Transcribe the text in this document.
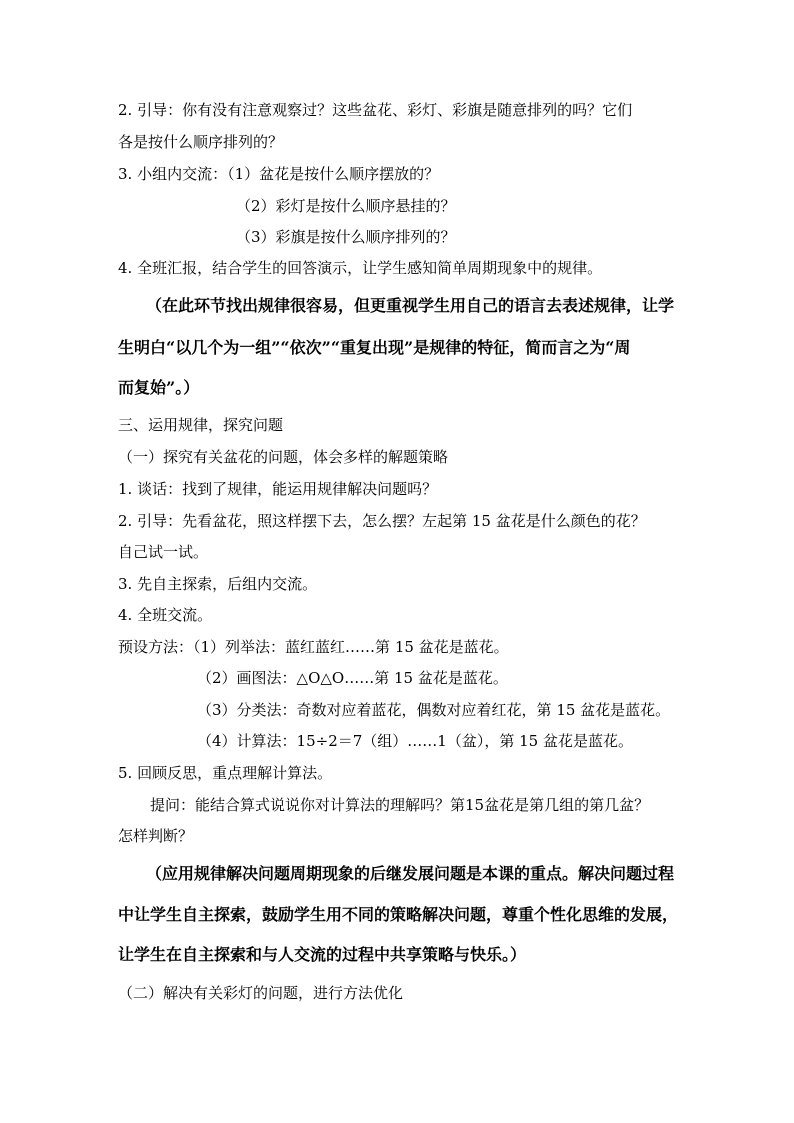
2. 引导：你有没有注意观察过？这些盆花、彩灯、彩旗是随意排列的吗？它们
各是按什么顺序排列的？
3. 小组内交流：（1）盆花是按什么顺序摆放的？
（2）彩灯是按什么顺序悬挂的？
（3）彩旗是按什么顺序排列的？
4. 全班汇报，结合学生的回答演示，让学生感知简单周期现象中的规律。
（在此环节找出规律很容易，但更重视学生用自己的语言去表述规律，让学
生明白“以几个为一组”“依次”“重复出现”是规律的特征，简而言之为“周
而复始”。）
三、运用规律，探究问题
（一）探究有关盆花的问题，体会多样的解题策略
1. 谈话：找到了规律，能运用规律解决问题吗？
2. 引导：先看盆花，照这样摆下去，怎么摆？左起第 15 盆花是什么颜色的花？
自己试一试。
3. 先自主探索，后组内交流。
4. 全班交流。
预设方法：（1）列举法：蓝红蓝红……第 15 盆花是蓝花。
（2）画图法：△O△O……第 15 盆花是蓝花。
（3）分类法：奇数对应着蓝花，偶数对应着红花，第 15 盆花是蓝花。
（4）计算法：15÷2＝7（组）……1（盆），第 15 盆花是蓝花。
5. 回顾反思，重点理解计算法。
提问：能结合算式说说你对计算法的理解吗？第15盆花是第几组的第几盆？
怎样判断？
（应用规律解决问题周期现象的后继发展问题是本课的重点。解决问题过程
中让学生自主探索，鼓励学生用不同的策略解决问题，尊重个性化思维的发展，
让学生在自主探索和与人交流的过程中共享策略与快乐。）
（二）解决有关彩灯的问题，进行方法优化
